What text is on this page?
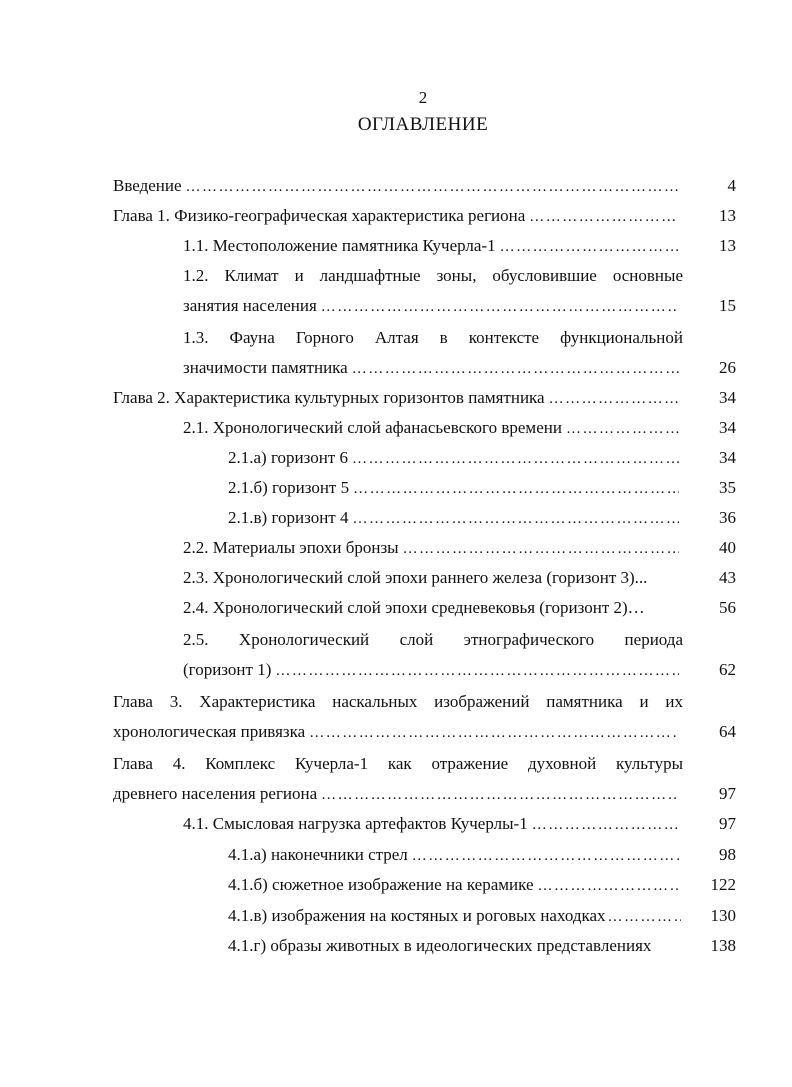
2
ОГЛАВЛЕНИЕ
Введение …………………………………………………………………………………………………………………………………………………………………	4
Глава 1. Физико-географическая характеристика региона …………………………………………………………………………………………………………………………………………………………………	13
1.1. Местоположение памятника Кучерла-1 …………………………………………………………………………………………………………………………………………………………………	13
1.2. Климат и ландшафтные зоны, обусловившие основные
занятия населения …………………………………………………………………………………………………………………………………………………………………	15
1.3. Фауна Горного Алтая в контексте функциональной
значимости памятника …………………………………………………………………………………………………………………………………………………………………	26
Глава 2. Характеристика культурных горизонтов памятника …………………………………………………………………………………………………………………………………………………………………	34
2.1. Хронологический слой афанасьевского времени …………………………………………………………………………………………………………………………………………………………………	34
2.1.а) горизонт 6 …………………………………………………………………………………………………………………………………………………………………	34
2.1.б) горизонт 5 …………………………………………………………………………………………………………………………………………………………………	35
2.1.в) горизонт 4 …………………………………………………………………………………………………………………………………………………………………	36
2.2. Материалы эпохи бронзы …………………………………………………………………………………………………………………………………………………………………	40
2.3. Хронологический слой эпохи раннего железа (горизонт 3)...	43
2.4. Хронологический слой эпохи средневековья (горизонт 2)…	56
2.5. Хронологический слой этнографического периода
(горизонт 1) …………………………………………………………………………………………………………………………………………………………………	62
Глава 3. Характеристика наскальных изображений памятника и их
хронологическая привязка …………………………………………………………………………………………………………………………………………………………………	64
Глава 4. Комплекс Кучерла-1 как отражение духовной культуры
древнего населения региона …………………………………………………………………………………………………………………………………………………………………	97
4.1. Смысловая нагрузка артефактов Кучерлы-1 …………………………………………………………………………………………………………………………………………………………………	97
4.1.а) наконечники стрел …………………………………………………………………………………………………………………………………………………………………	98
4.1.б) сюжетное изображение на керамике …………………………………………………………………………………………………………………………………………………………………	122
4.1.в) изображения на костяных и роговых находках …………………………………………………………………………………………………………………………………………………………………	130
4.1.г) образы животных в идеологических представлениях	138
